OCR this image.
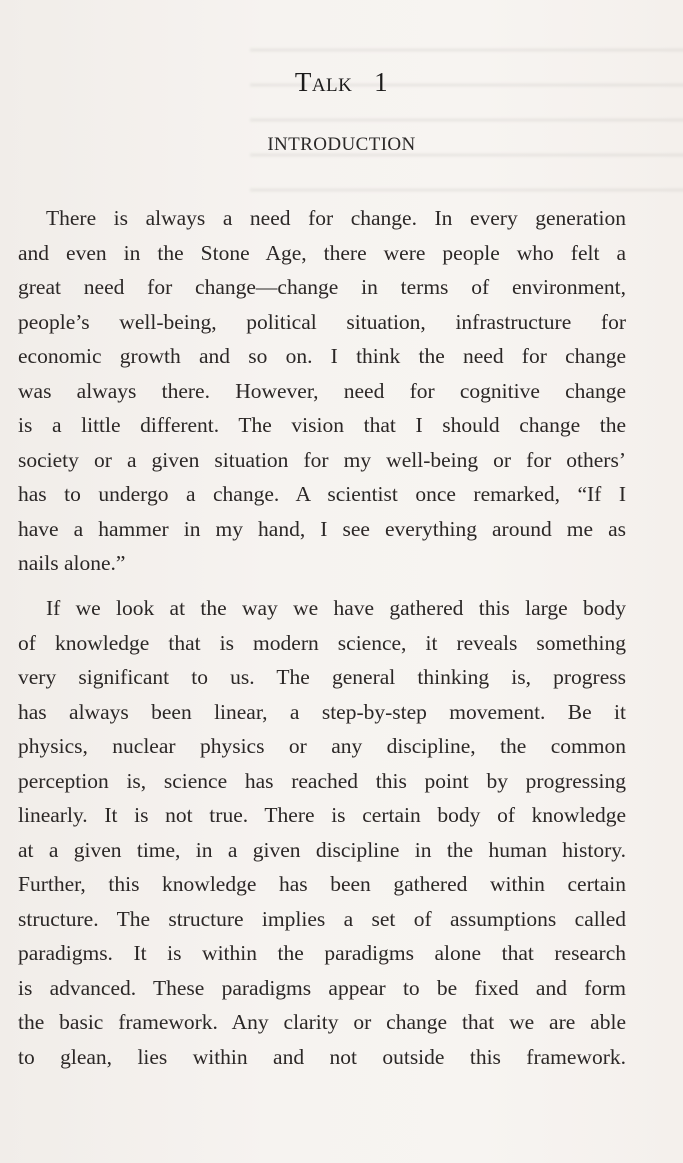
Talk 1
INTRODUCTION
There is always a need for change. In every generation
and even in the Stone Age, there were people who felt a
great need for change—change in terms of environment,
people’s well-being, political situation, infrastructure for
economic growth and so on. I think the need for change
was always there. However, need for cognitive change
is a little different. The vision that I should change the
society or a given situation for my well-being or for others’
has to undergo a change. A scientist once remarked, “If I
have a hammer in my hand, I see everything around me as
nails alone.”
If we look at the way we have gathered this large body
of knowledge that is modern science, it reveals something
very significant to us. The general thinking is, progress
has always been linear, a step-by-step movement. Be it
physics, nuclear physics or any discipline, the common
perception is, science has reached this point by progressing
linearly. It is not true. There is certain body of knowledge
at a given time, in a given discipline in the human history.
Further, this knowledge has been gathered within certain
structure. The structure implies a set of assumptions called
paradigms. It is within the paradigms alone that research
is advanced. These paradigms appear to be fixed and form
the basic framework. Any clarity or change that we are able
to glean, lies within and not outside this framework.
